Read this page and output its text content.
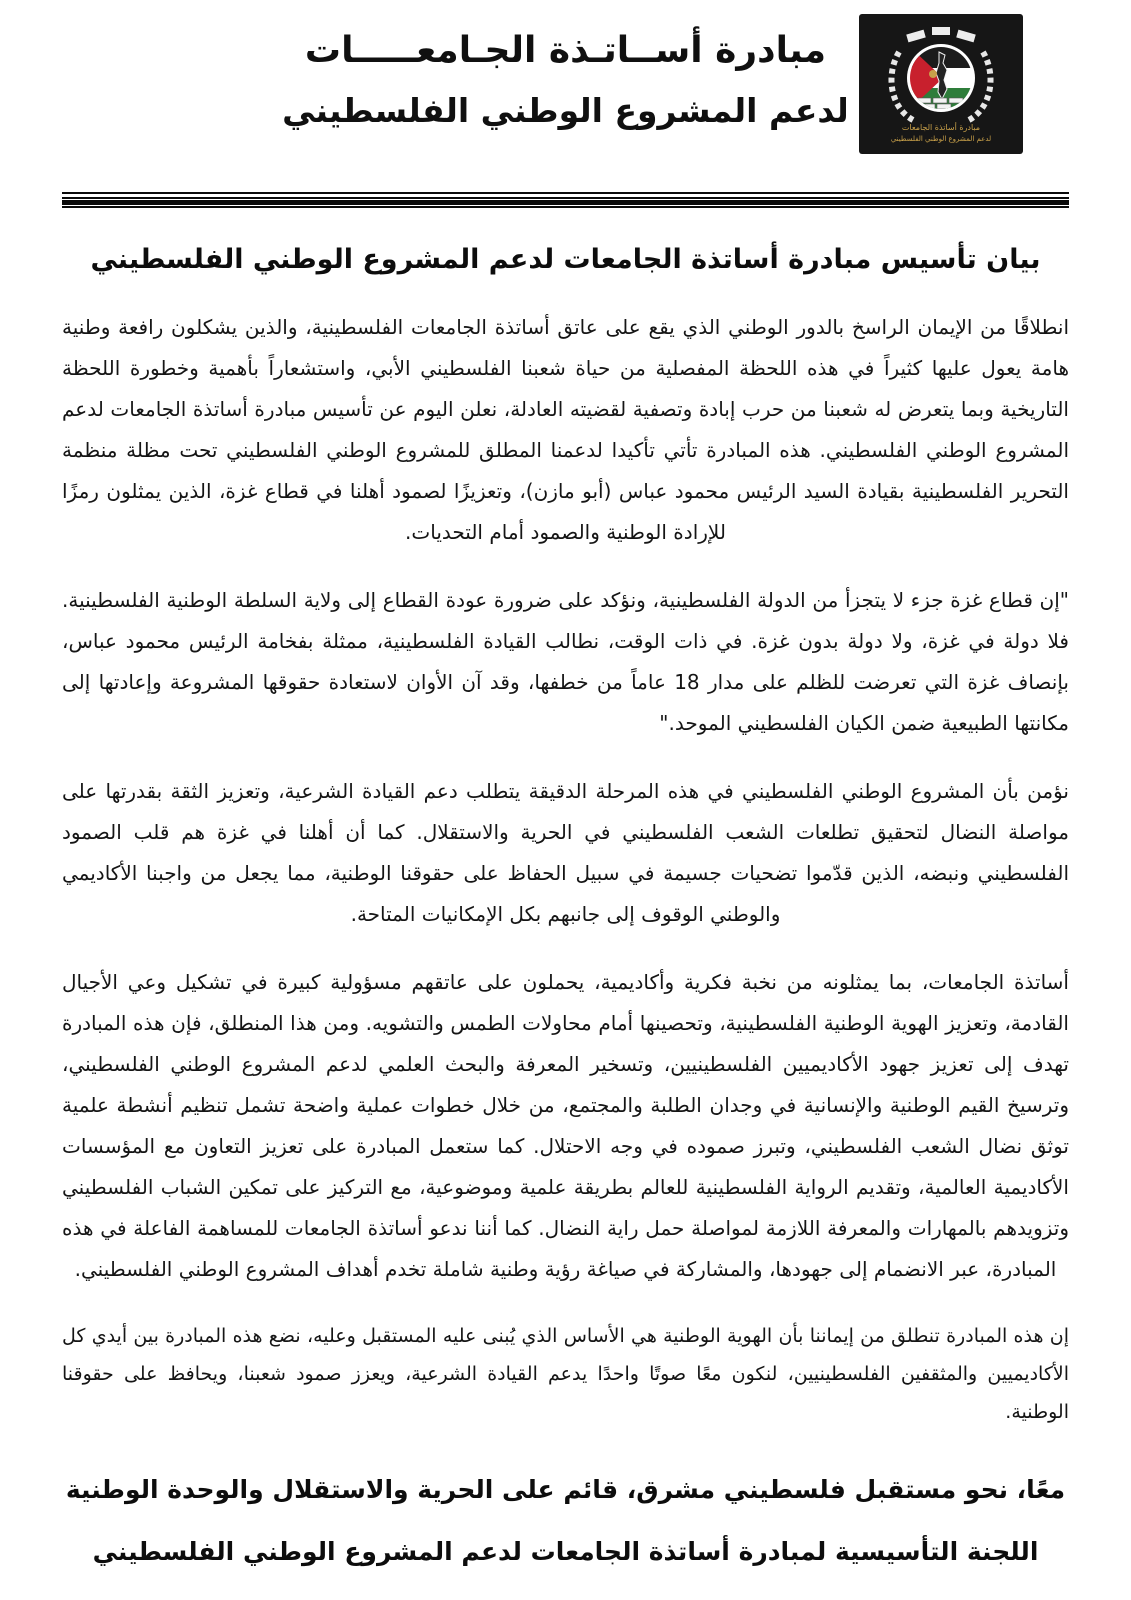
مبادرة أســاتـذة الجـامعـــــات
لدعم المشروع الوطني الفلسطيني	مبادرة أساتذة الجامعات
لدعم المشروع الوطني الفلسطيني
بيان تأسيس مبادرة أساتذة الجامعات لدعم المشروع الوطني الفلسطيني

انطلاقًا من الإيمان الراسخ بالدور الوطني الذي يقع على عاتق أساتذة الجامعات الفلسطينية، والذين يشكلون رافعة وطنية هامة يعول عليها كثيراً في هذه اللحظة المفصلية من حياة شعبنا الفلسطيني الأبي، واستشعاراً بأهمية وخطورة اللحظة التاريخية وبما يتعرض له شعبنا من حرب إبادة وتصفية لقضيته العادلة، نعلن اليوم عن تأسيس مبادرة أساتذة الجامعات لدعم المشروع الوطني الفلسطيني. هذه المبادرة تأتي تأكيدا لدعمنا المطلق للمشروع الوطني الفلسطيني تحت مظلة منظمة التحرير الفلسطينية بقيادة السيد الرئيس محمود عباس (أبو مازن)، وتعزيزًا لصمود أهلنا في قطاع غزة، الذين يمثلون رمزًا للإرادة الوطنية والصمود أمام التحديات.

"إن قطاع غزة جزء لا يتجزأ من الدولة الفلسطينية، ونؤكد على ضرورة عودة القطاع إلى ولاية السلطة الوطنية الفلسطينية. فلا دولة في غزة، ولا دولة بدون غزة. في ذات الوقت، نطالب القيادة الفلسطينية، ممثلة بفخامة الرئيس محمود عباس، بإنصاف غزة التي تعرضت للظلم على مدار 18 عاماً من خطفها، وقد آن الأوان لاستعادة حقوقها المشروعة وإعادتها إلى مكانتها الطبيعية ضمن الكيان الفلسطيني الموحد."

نؤمن بأن المشروع الوطني الفلسطيني في هذه المرحلة الدقيقة يتطلب دعم القيادة الشرعية، وتعزيز الثقة بقدرتها على مواصلة النضال لتحقيق تطلعات الشعب الفلسطيني في الحرية والاستقلال. كما أن أهلنا في غزة هم قلب الصمود الفلسطيني ونبضه، الذين قدّموا تضحيات جسيمة في سبيل الحفاظ على حقوقنا الوطنية، مما يجعل من واجبنا الأكاديمي والوطني الوقوف إلى جانبهم بكل الإمكانيات المتاحة.

أساتذة الجامعات، بما يمثلونه من نخبة فكرية وأكاديمية، يحملون على عاتقهم مسؤولية كبيرة في تشكيل وعي الأجيال القادمة، وتعزيز الهوية الوطنية الفلسطينية، وتحصينها أمام محاولات الطمس والتشويه. ومن هذا المنطلق، فإن هذه المبادرة تهدف إلى تعزيز جهود الأكاديميين الفلسطينيين، وتسخير المعرفة والبحث العلمي لدعم المشروع الوطني الفلسطيني، وترسيخ القيم الوطنية والإنسانية في وجدان الطلبة والمجتمع، من خلال خطوات عملية واضحة تشمل تنظيم أنشطة علمية توثق نضال الشعب الفلسطيني، وتبرز صموده في وجه الاحتلال. كما ستعمل المبادرة على تعزيز التعاون مع المؤسسات الأكاديمية العالمية، وتقديم الرواية الفلسطينية للعالم بطريقة علمية وموضوعية، مع التركيز على تمكين الشباب الفلسطيني وتزويدهم بالمهارات والمعرفة اللازمة لمواصلة حمل راية النضال. كما أننا ندعو أساتذة الجامعات للمساهمة الفاعلة في هذه المبادرة، عبر الانضمام إلى جهودها، والمشاركة في صياغة رؤية وطنية شاملة تخدم أهداف المشروع الوطني الفلسطيني.

إن هذه المبادرة تنطلق من إيماننا بأن الهوية الوطنية هي الأساس الذي يُبنى عليه المستقبل وعليه، نضع هذه المبادرة بين أيدي كل الأكاديميين والمثقفين الفلسطينيين، لنكون معًا صوتًا واحدًا يدعم القيادة الشرعية، ويعزز صمود شعبنا، ويحافظ على حقوقنا الوطنية.

معًا، نحو مستقبل فلسطيني مشرق، قائم على الحرية والاستقلال والوحدة الوطنية
اللجنة التأسيسية لمبادرة أساتذة الجامعات لدعم المشروع الوطني الفلسطيني
